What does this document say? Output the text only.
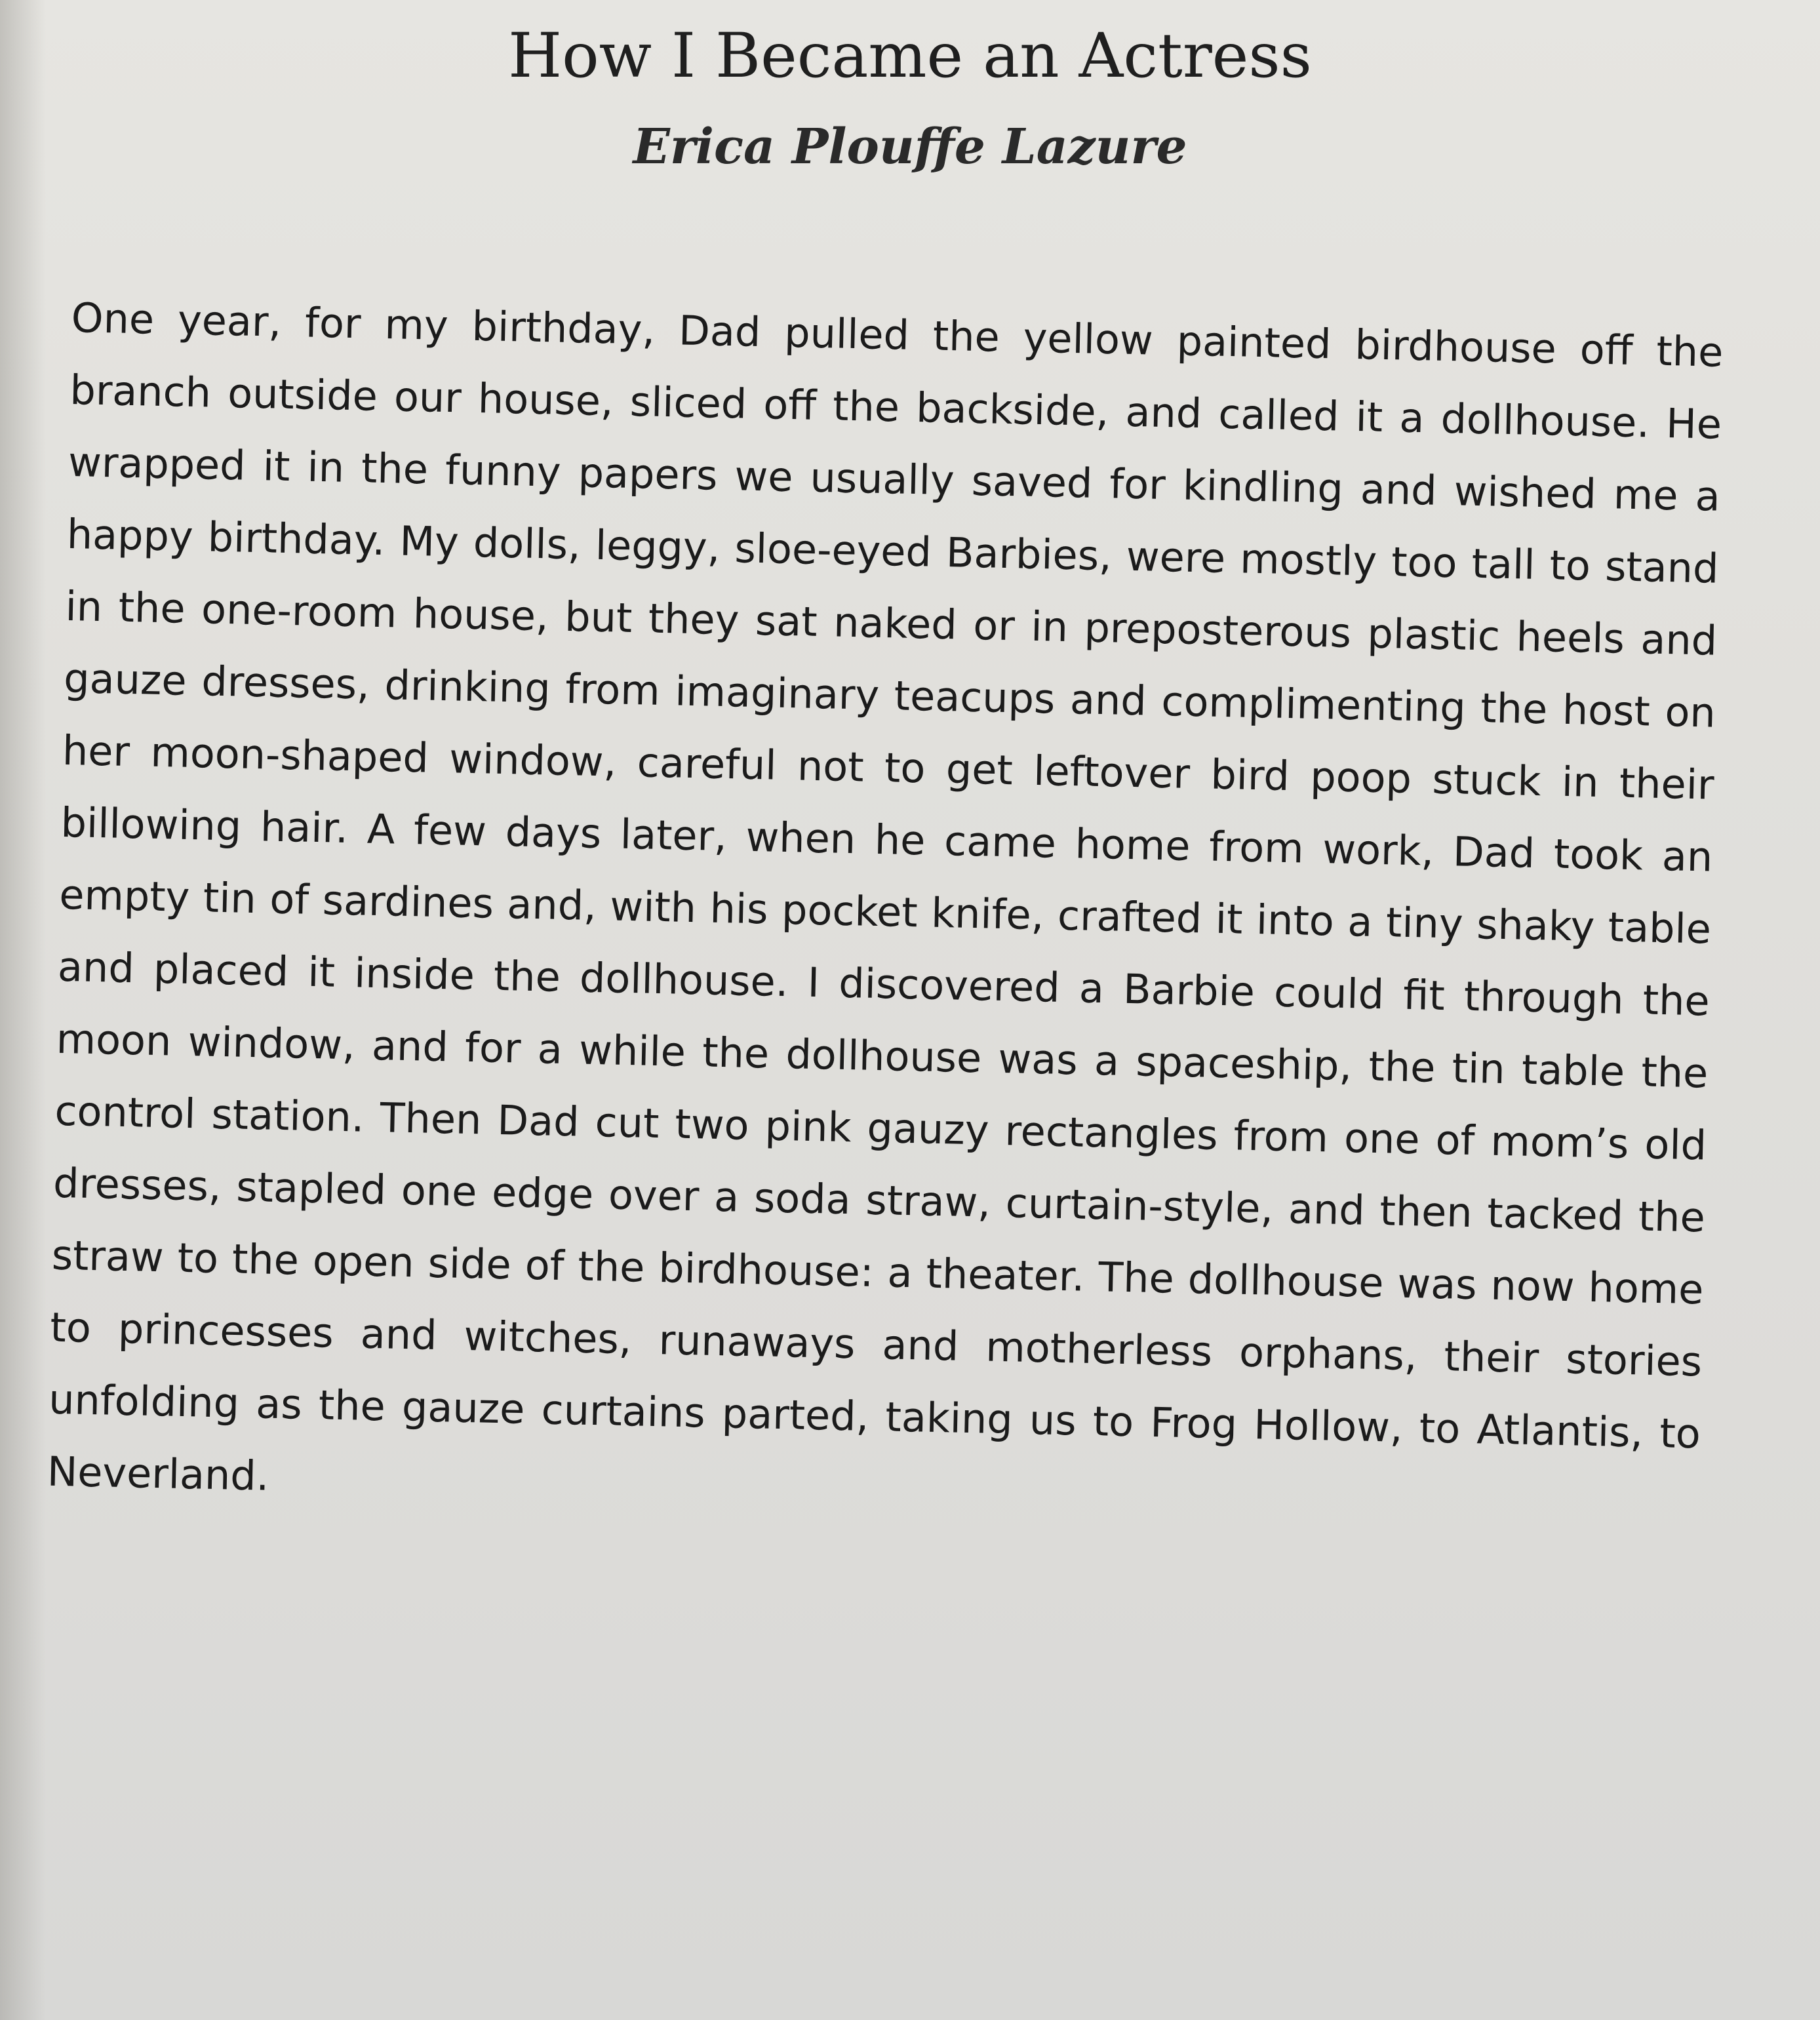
How I Became an Actress
Erica Plouffe Lazure

One year, for my birthday, Dad pulled the yellow painted birdhouse off the branch outside our house, sliced off the backside, and called it a dollhouse. He wrapped it in the funny papers we usually saved for kindling and wished me a happy birthday. My dolls, leggy, sloe-eyed Barbies, were mostly too tall to stand in the one-room house, but they sat naked or in preposterous plastic heels and gauze dresses, drinking from imaginary teacups and complimenting the host on her moon-shaped window, careful not to get leftover bird poop stuck in their billowing hair. A few days later, when he came home from work, Dad took an empty tin of sardines and, with his pocket knife, crafted it into a tiny shaky table and placed it inside the dollhouse. I discovered a Barbie could fit through the moon window, and for a while the dollhouse was a spaceship, the tin table the control station. Then Dad cut two pink gauzy rectangles from one of mom’s old dresses, stapled one edge over a soda straw, curtain-style, and then tacked the straw to the open side of the birdhouse: a theater. The dollhouse was now home to princesses and witches, runaways and motherless orphans, their stories unfolding as the gauze curtains parted, taking us to Frog Hollow, to Atlantis, to Neverland.
